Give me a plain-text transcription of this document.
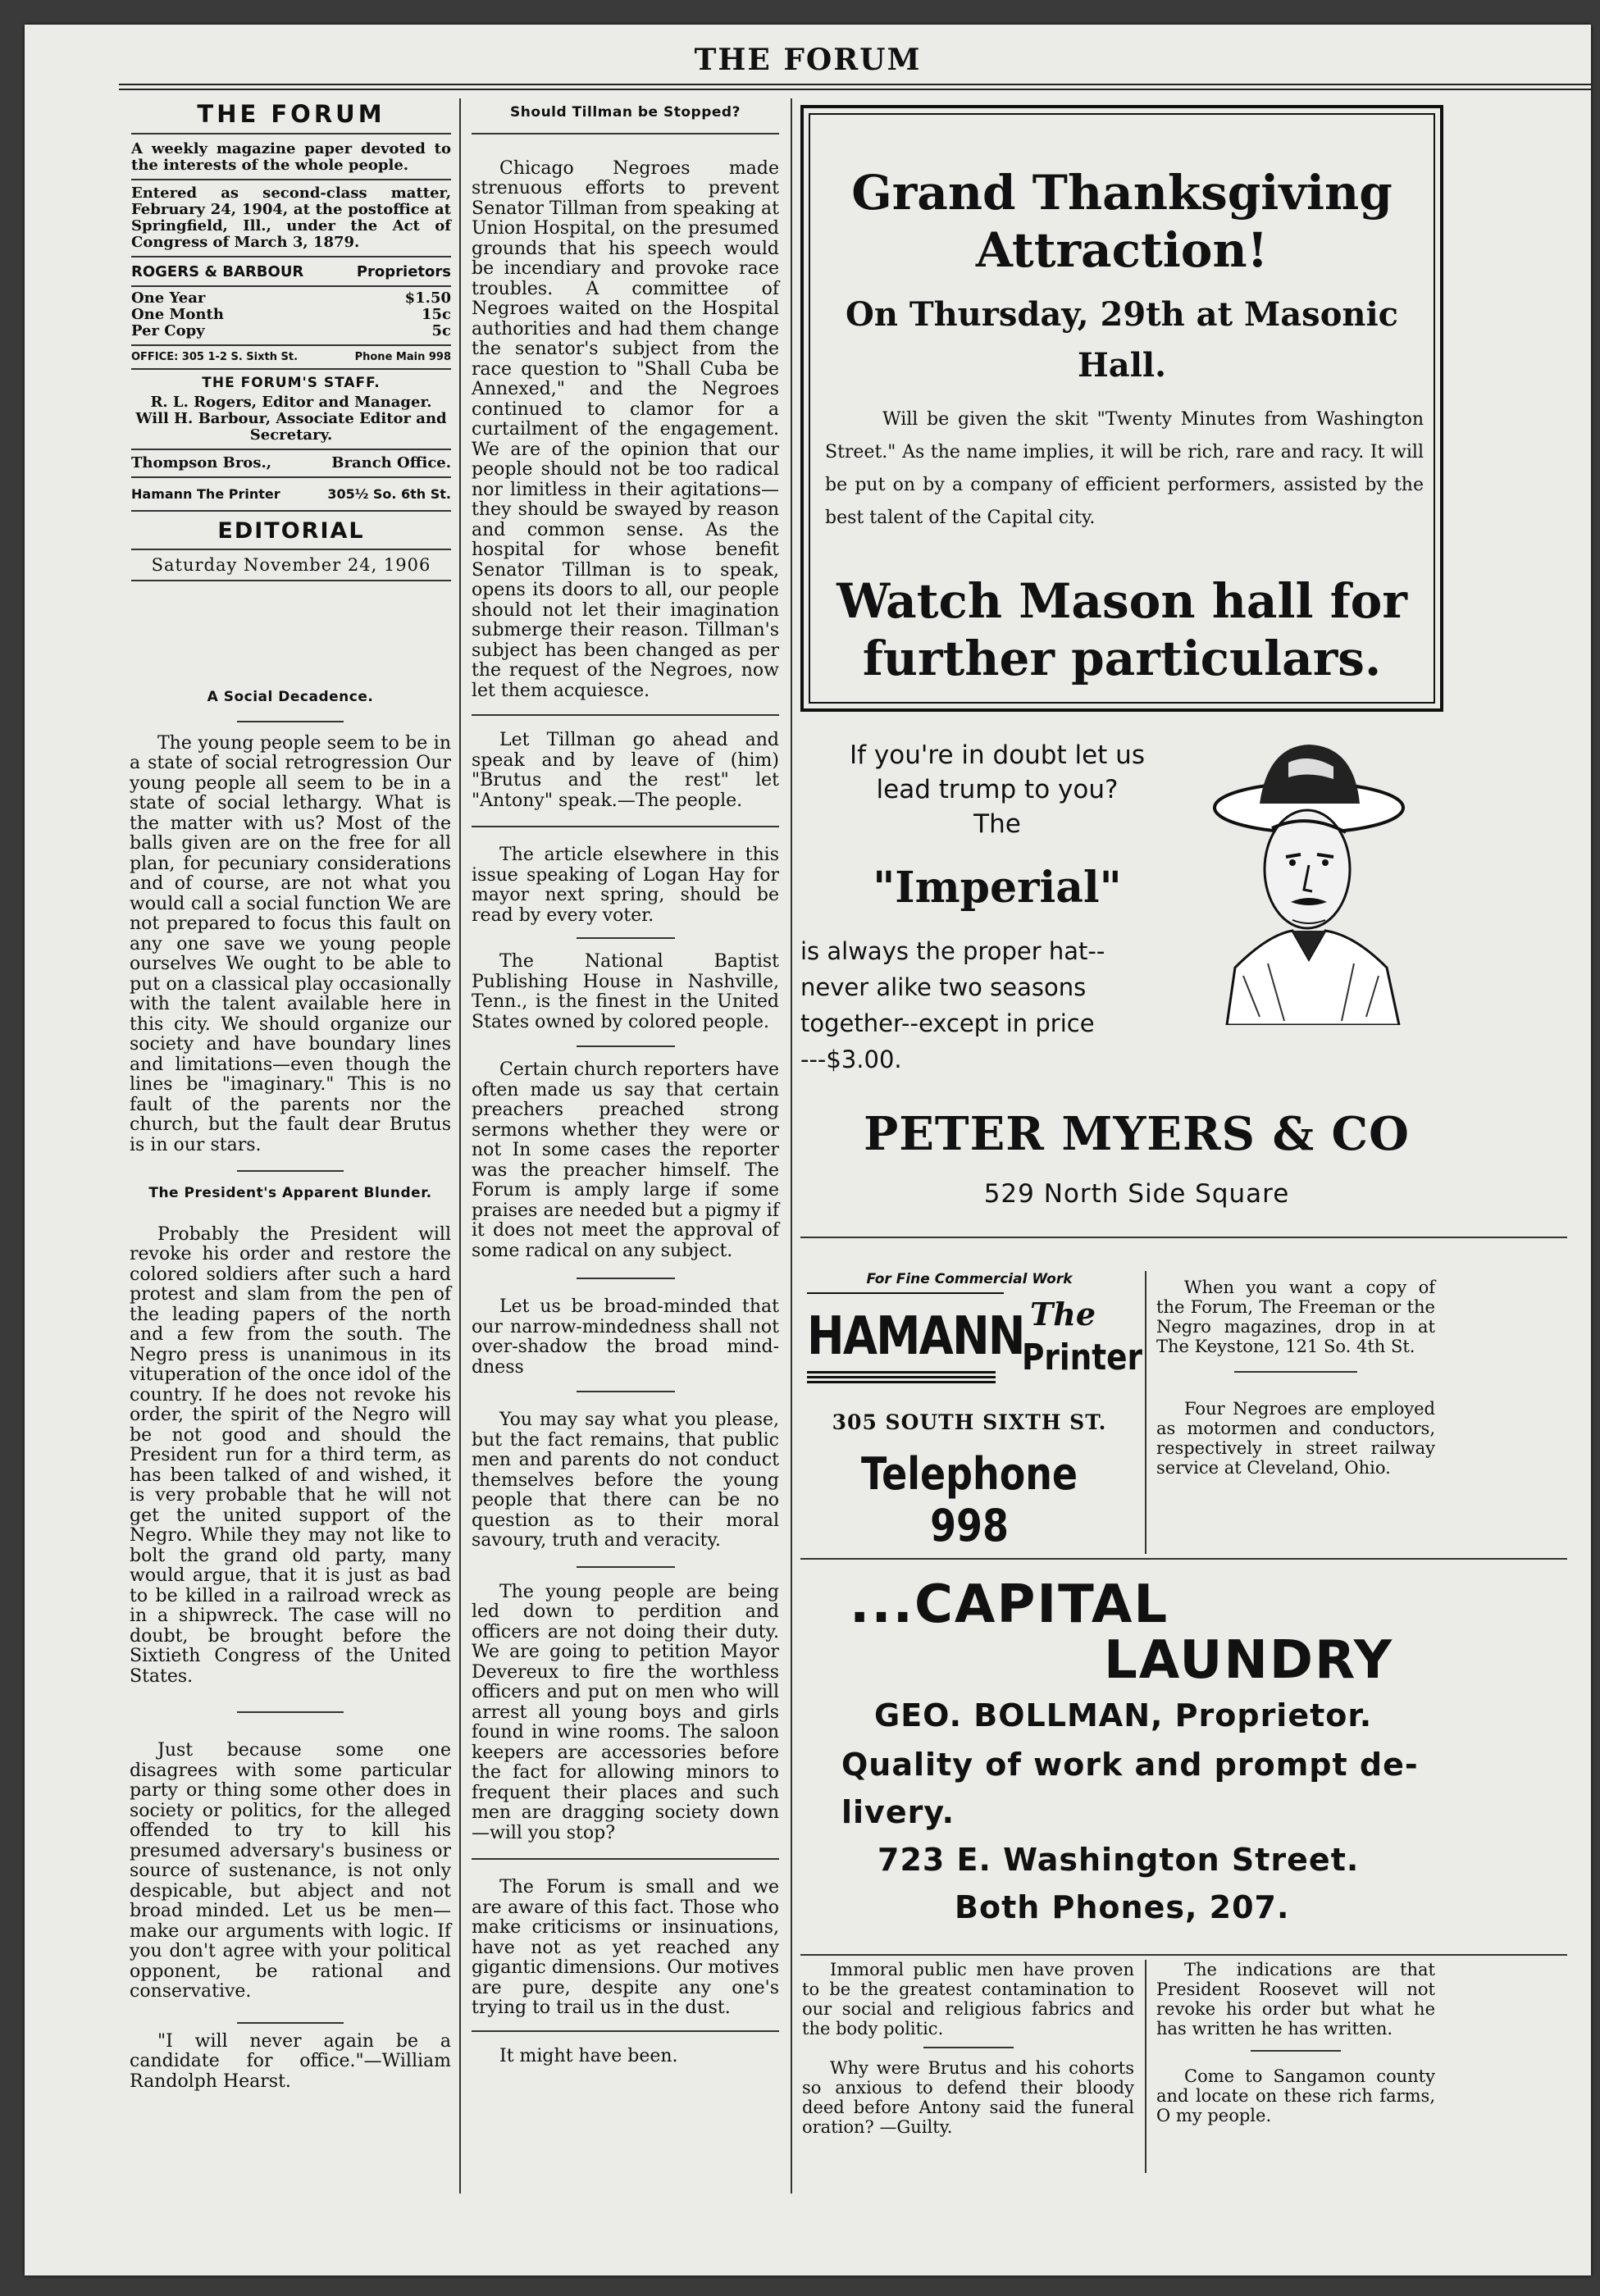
THE FORUM
THE FORUM
A weekly magazine paper devoted to the interests of the whole people.
Entered as second-class matter, February 24, 1904, at the postoffice at Springfield, Ill., under the Act of Congress of March 3, 1879.
ROGERS & BARBOUR	Proprietors
One Year	$1.50
One Month	15c
Per Copy	5c
OFFICE: 305 1-2 S. Sixth St.	Phone Main 998
THE FORUM'S STAFF.
R. L. Rogers, Editor and Manager.
Will H. Barbour, Associate Editor and Secretary.
Thompson Bros.,	Branch Office.
Hamann The Printer	305½ So. 6th St.
EDITORIAL
Saturday November 24, 1906
A Social Decadence.

The young people seem to be in a state of social retrogression Our young people all seem to be in a state of social lethargy. What is the matter with us? Most of the balls given are on the free for all plan, for pecuniary considerations and of course, are not what you would call a social function We are not prepared to focus this fault on any one save we young people ourselves We ought to be able to put on a classical play occasionally with the talent available here in this city. We should organize our society and have boundary lines and limitations—even though the lines be "imaginary." This is no fault of the parents nor the church, but the fault dear Brutus is in our stars.

The President's Apparent Blunder.

Probably the President will revoke his order and restore the colored soldiers after such a hard protest and slam from the pen of the leading papers of the north and a few from the south. The Negro press is unanimous in its vituperation of the once idol of the country. If he does not revoke his order, the spirit of the Negro will be not good and should the President run for a third term, as has been talked of and wished, it is very probable that he will not get the united support of the Negro. While they may not like to bolt the grand old party, many would argue, that it is just as bad to be killed in a railroad wreck as in a shipwreck. The case will no doubt, be brought before the Sixtieth Congress of the United States.

Just because some one disagrees with some particular party or thing some other does in society or politics, for the alleged offended to try to kill his presumed adversary's business or source of sustenance, is not only despicable, but abject and not broad minded. Let us be men—make our arguments with logic. If you don't agree with your political opponent, be rational and conservative.

"I will never again be a candidate for office."—William Randolph Hearst.

Should Tillman be Stopped?

Chicago Negroes made strenuous efforts to prevent Senator Tillman from speaking at Union Hospital, on the presumed grounds that his speech would be incendiary and provoke race troubles. A committee of Negroes waited on the Hospital authorities and had them change the senator's subject from the race question to "Shall Cuba be Annexed," and the Negroes continued to clamor for a curtailment of the engagement. We are of the opinion that our people should not be too radical nor limitless in their agitations—they should be swayed by reason and common sense. As the hospital for whose benefit Senator Tillman is to speak, opens its doors to all, our people should not let their imagination submerge their reason. Tillman's subject has been changed as per the request of the Negroes, now let them acquiesce.

Let Tillman go ahead and speak and by leave of (him) "Brutus and the rest" let "Antony" speak.—The people.

The article elsewhere in this issue speaking of Logan Hay for mayor next spring, should be read by every voter.

The National Baptist Publishing House in Nashville, Tenn., is the finest in the United States owned by colored people.

Certain church reporters have often made us say that certain preachers preached strong sermons whether they were or not In some cases the reporter was the preacher himself. The Forum is amply large if some praises are needed but a pigmy if it does not meet the approval of some radical on any subject.

Let us be broad-minded that our narrow-mindedness shall not over-shadow the broad mind-dness

You may say what you please, but the fact remains, that public men and parents do not conduct themselves before the young people that there can be no question as to their moral savoury, truth and veracity.

The young people are being led down to perdition and officers are not doing their duty. We are going to petition Mayor Devereux to fire the worthless officers and put on men who will arrest all young boys and girls found in wine rooms. The saloon keepers are accessories before the fact for allowing minors to frequent their places and such men are dragging society down —will you stop?

The Forum is small and we are aware of this fact. Those who make criticisms or insinuations, have not as yet reached any gigantic dimensions. Our motives are pure, despite any one's trying to trail us in the dust.

It might have been.

Grand Thanksgiving
Attraction!
On Thursday, 29th at Masonic
Hall.
Will be given the skit "Twenty Minutes from Washington Street." As the name implies, it will be rich, rare and racy. It will be put on by a company of efficient performers, assisted by the best talent of the Capital city.
Watch Mason hall for
further particulars.
If you're in doubt let us
lead trump to you?
The
"Imperial"
is always the proper hat--
never alike two seasons
together--except in price
---$3.00.
PETER MYERS & CO
529 North Side Square
For Fine Commercial Work
HAMANN The
Printer
305 SOUTH SIXTH ST.
Telephone 998

When you want a copy of the Forum, The Freeman or the Negro magazines, drop in at The Keystone, 121 So. 4th St.

Four Negroes are employed as motormen and conductors, respectively in street railway service at Cleveland, Ohio.

...CAPITAL
LAUNDRY
GEO. BOLLMAN, Proprietor.
Quality of work and prompt de-
livery.
723 E. Washington Street.
Both Phones, 207.

Immoral public men have proven to be the greatest contamination to our social and religious fabrics and the body politic.

Why were Brutus and his cohorts so anxious to defend their bloody deed before Antony said the funeral oration? —Guilty.

The indications are that President Roosevet will not revoke his order but what he has written he has written.

Come to Sangamon county and locate on these rich farms, O my people.
